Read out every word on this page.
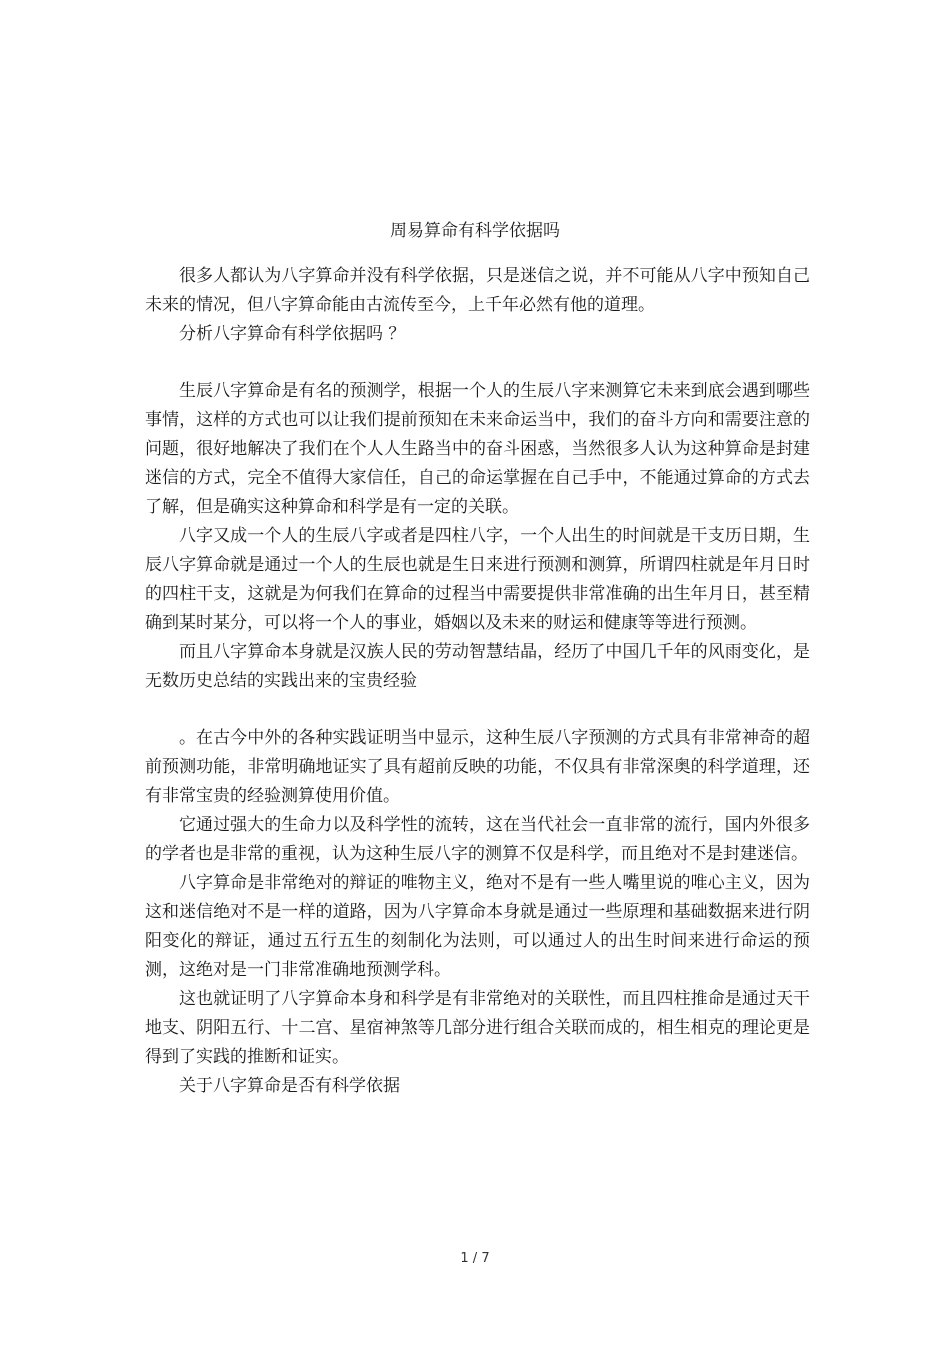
周易算命有科学依据吗

很多人都认为八字算命并没有科学依据，只是迷信之说，并不可能从八字中预知自己未来的情况，但八字算命能由古流传至今，上千年必然有他的道理。

分析八字算命有科学依据吗 ？

生辰八字算命是有名的预测学，根据一个人的生辰八字来测算它未来到底会遇到哪些事情，这样的方式也可以让我们提前预知在未来命运当中，我们的奋斗方向和需要注意的问题，很好地解决了我们在个人人生路当中的奋斗困惑，当然很多人认为这种算命是封建迷信的方式，完全不值得大家信任，自己的命运掌握在自己手中，不能通过算命的方式去了解，但是确实这种算命和科学是有一定的关联。

八字又成一个人的生辰八字或者是四柱八字，一个人出生的时间就是干支历日期，生辰八字算命就是通过一个人的生辰也就是生日来进行预测和测算，所谓四柱就是年月日时的四柱干支，这就是为何我们在算命的过程当中需要提供非常准确的出生年月日，甚至精确到某时某分，可以将一个人的事业，婚姻以及未来的财运和健康等等进行预测。

而且八字算命本身就是汉族人民的劳动智慧结晶，经历了中国几千年的风雨变化，是无数历史总结的实践出来的宝贵经验

。在古今中外的各种实践证明当中显示，这种生辰八字预测的方式具有非常神奇的超前预测功能，非常明确地证实了具有超前反映的功能，不仅具有非常深奥的科学道理，还有非常宝贵的经验测算使用价值。

它通过强大的生命力以及科学性的流转，这在当代社会一直非常的流行，国内外很多的学者也是非常的重视，认为这种生辰八字的测算不仅是科学，而且绝对不是封建迷信。

八字算命是非常绝对的辩证的唯物主义，绝对不是有一些人嘴里说的唯心主义，因为这和迷信绝对不是一样的道路，因为八字算命本身就是通过一些原理和基础数据来进行阴阳变化的辩证，通过五行五生的刻制化为法则，可以通过人的出生时间来进行命运的预测，这绝对是一门非常准确地预测学科。

这也就证明了八字算命本身和科学是有非常绝对的关联性，而且四柱推命是通过天干地支、阴阳五行、十二宫、星宿神煞等几部分进行组合关联而成的，相生相克的理论更是得到了实践的推断和证实。

关于八字算命是否有科学依据

1 / 7
